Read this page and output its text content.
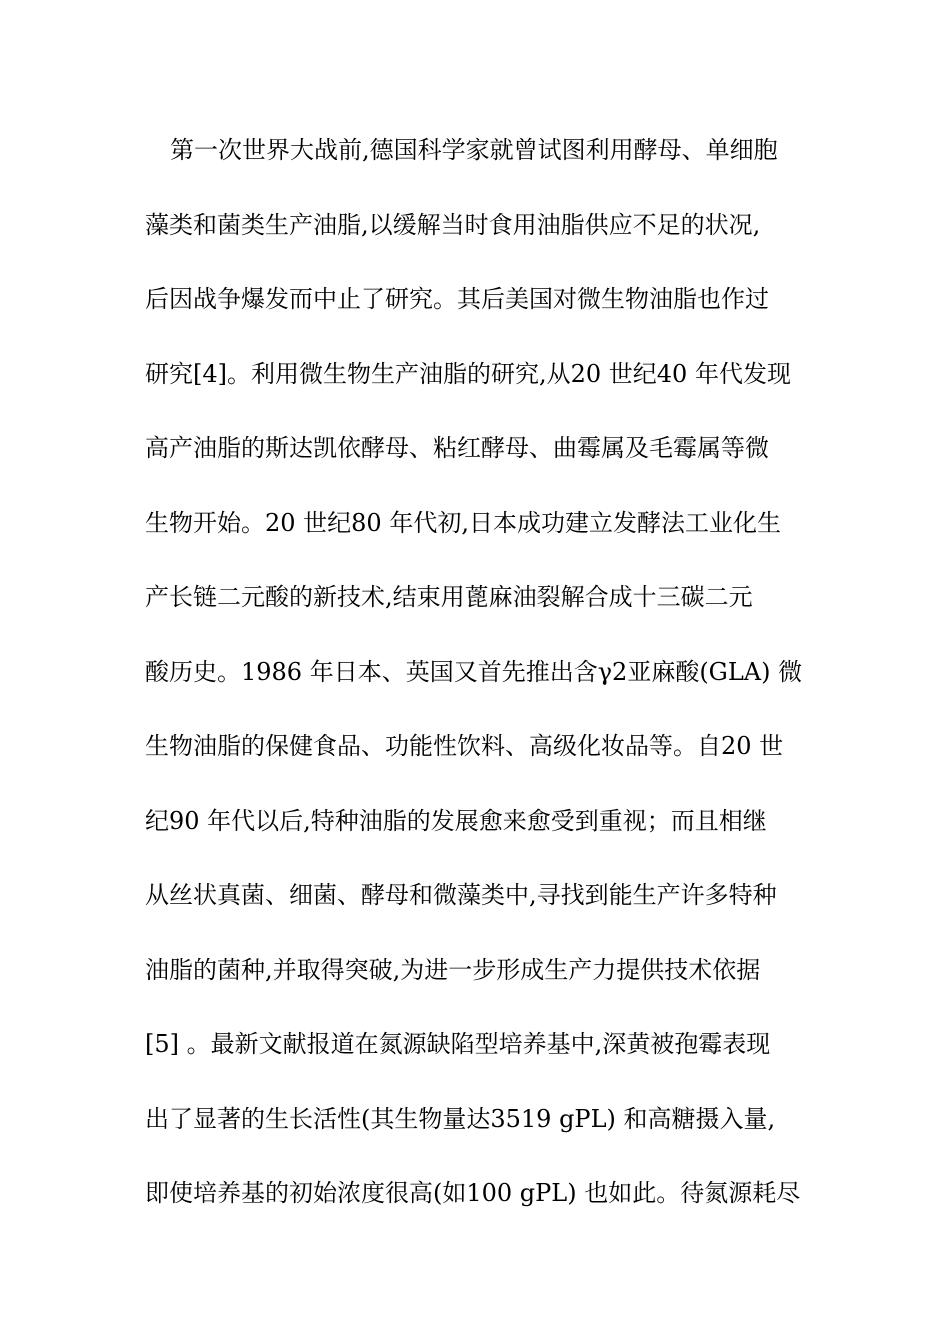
第一次世界大战前,德国科学家就曾试图利用酵母、单细胞
藻类和菌类生产油脂,以缓解当时食用油脂供应不足的状况,
后因战争爆发而中止了研究。其后美国对微生物油脂也作过
研究[4]。利用微生物生产油脂的研究,从20 世纪40 年代发现
高产油脂的斯达凯依酵母、粘红酵母、曲霉属及毛霉属等微
生物开始。20 世纪80 年代初,日本成功建立发酵法工业化生
产长链二元酸的新技术,结束用蓖麻油裂解合成十三碳二元
酸历史。1986 年日本、英国又首先推出含γ2亚麻酸(GLA) 微
生物油脂的保健食品、功能性饮料、高级化妆品等。自20 世
纪90 年代以后,特种油脂的发展愈来愈受到重视；而且相继
从丝状真菌、细菌、酵母和微藻类中,寻找到能生产许多特种
油脂的菌种,并取得突破,为进一步形成生产力提供技术依据
[5] 。最新文献报道在氮源缺陷型培养基中,深黄被孢霉表现
出了显著的生长活性(其生物量达3519 gPL) 和高糖摄入量,
即使培养基的初始浓度很高(如100 gPL) 也如此。待氮源耗尽
